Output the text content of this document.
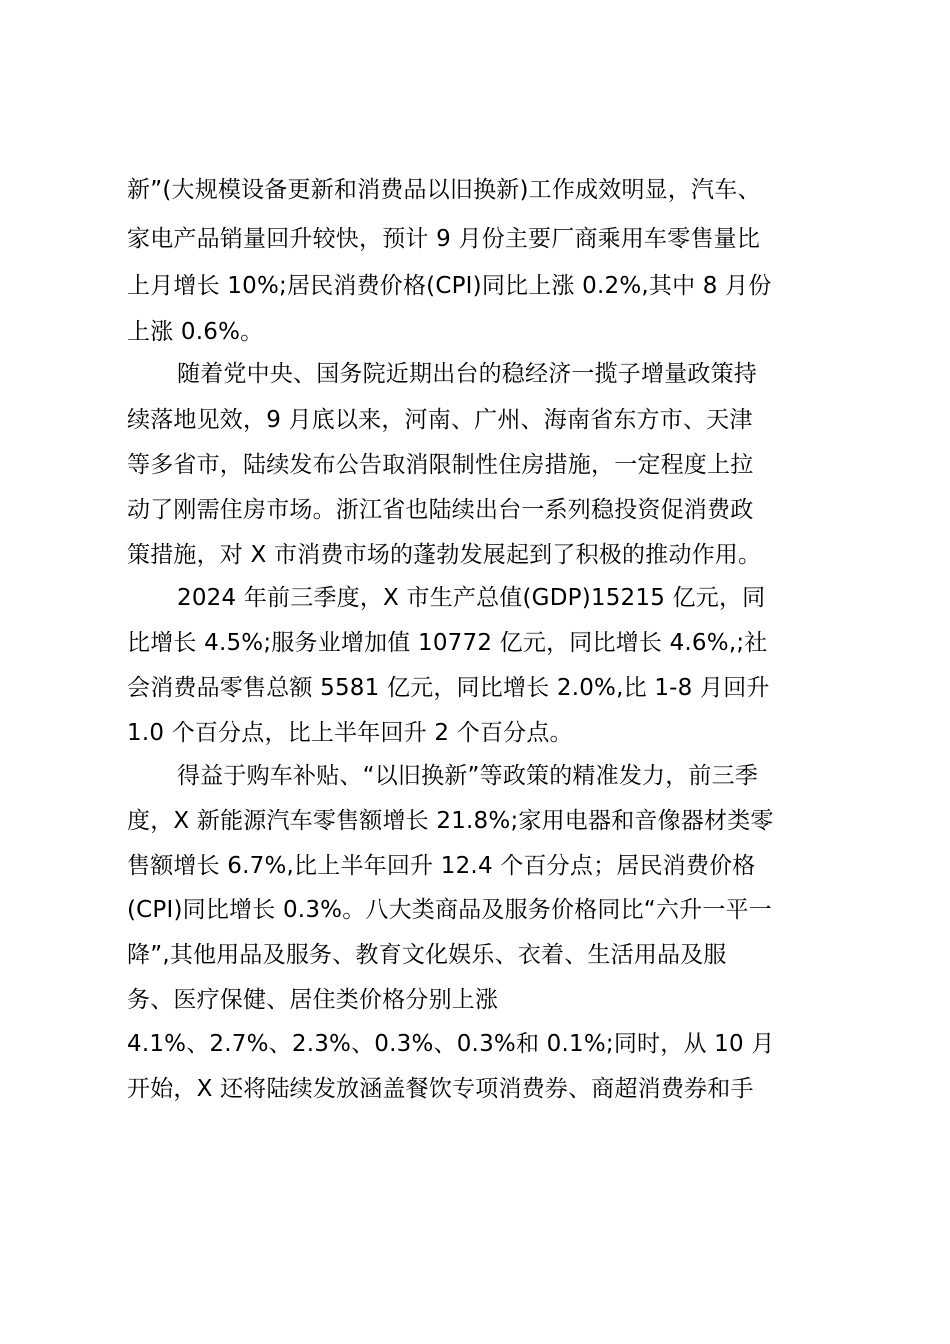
新”(大规模设备更新和消费品以旧换新)工作成效明显，汽车、
家电产品销量回升较快，预计 9 月份主要厂商乘用车零售量比
上月增长 10%;居民消费价格(CPI)同比上涨 0.2%,其中 8 月份
上涨 0.6%。
随着党中央、国务院近期出台的稳经济一揽子增量政策持
续落地见效，9 月底以来，河南、广州、海南省东方市、天津
等多省市，陆续发布公告取消限制性住房措施，一定程度上拉
动了刚需住房市场。浙江省也陆续出台一系列稳投资促消费政
策措施，对 X 市消费市场的蓬勃发展起到了积极的推动作用。
2024 年前三季度，X 市生产总值(GDP)15215 亿元，同
比增长 4.5%;服务业增加值 10772 亿元，同比增长 4.6%,;社
会消费品零售总额 5581 亿元，同比增长 2.0%,比 1-8 月回升
1.0 个百分点，比上半年回升 2 个百分点。
得益于购车补贴、“以旧换新”等政策的精准发力，前三季
度，X 新能源汽车零售额增长 21.8%;家用电器和音像器材类零
售额增长 6.7%,比上半年回升 12.4 个百分点；居民消费价格
(CPI)同比增长 0.3%。八大类商品及服务价格同比“六升一平一
降”,其他用品及服务、教育文化娱乐、衣着、生活用品及服
务、医疗保健、居住类价格分别上涨
4.1%、2.7%、2.3%、0.3%、0.3%和 0.1%;同时，从 10 月
开始，X 还将陆续发放涵盖餐饮专项消费券、商超消费券和手
